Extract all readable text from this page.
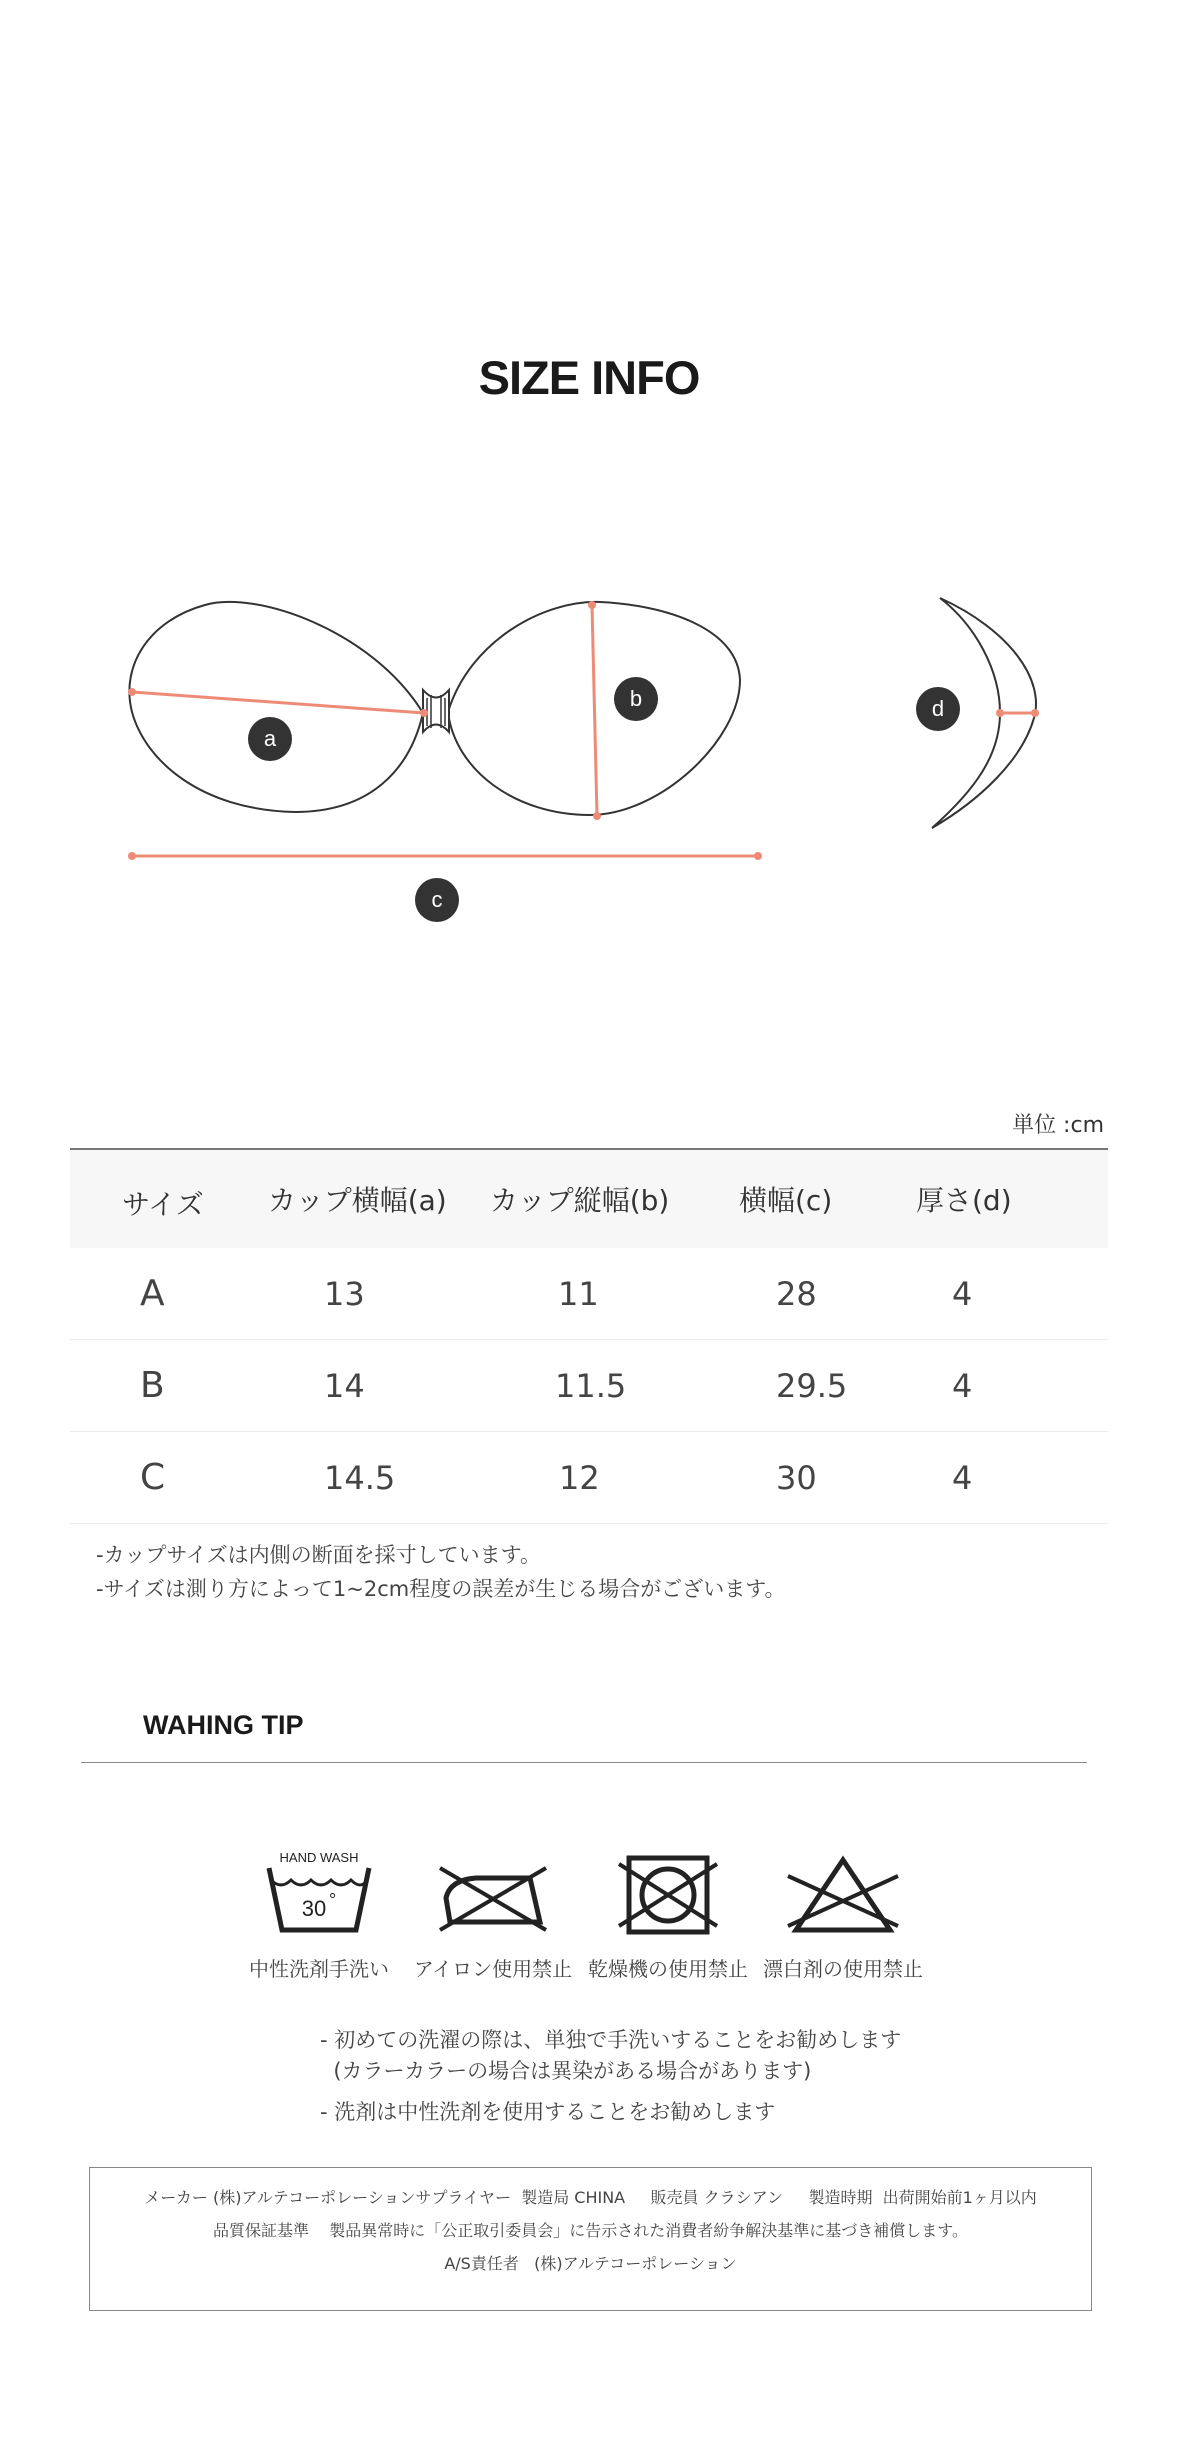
SIZE INFO
a
b
c
d
単位 :cm
サイズ	カップ横幅(a)	カップ縦幅(b)	横幅(c)	厚さ(d)
A	13	11	28	4
B	14	11.5	29.5	4
C	14.5	12	30	4
-カップサイズは内側の断面を採寸しています。
-サイズは測り方によって1~2cm程度の誤差が生じる場合がございます。
WAHING TIP
HAND WASH
30 °
中性洗剤手洗い	アイロン使用禁止 乾燥機の使用禁止 漂白剤の使用禁止
- 初めての洗濯の際は、単独で手洗いすることをお勧めします
(カラーカラーの場合は異染がある場合があります)
- 洗剤は中性洗剤を使用することをお勧めします
メーカー (株)アルテコーポレーションサプライヤー  製造局 CHINA     販売員 クラシアン     製造時期  出荷開始前1ヶ月以内
品質保証基準    製品異常時に「公正取引委員会」に告示された消費者紛争解決基準に基づき補償します。
A/S責任者   (株)アルテコーポレーション
